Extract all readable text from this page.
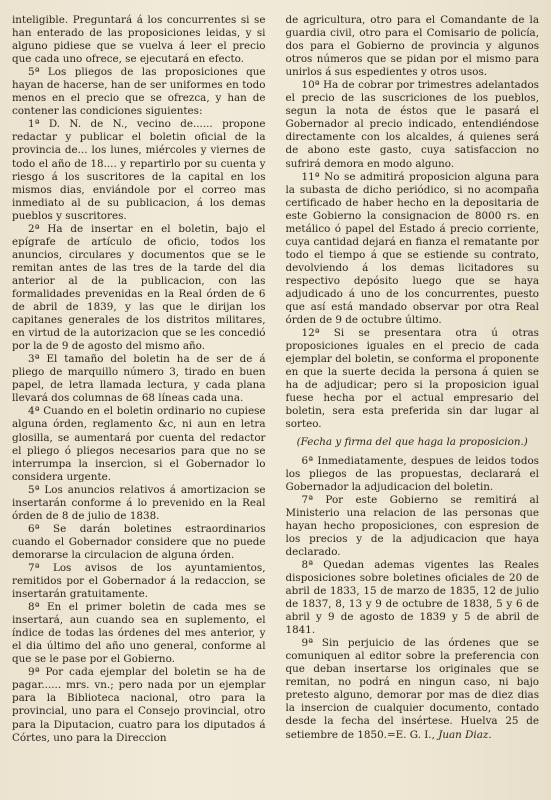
inteligible. Preguntará á los concurrentes si se han enterado de las proposiciones leidas, y si alguno pidiese que se vuelva á leer el precio que cada uno ofrece, se ejecutará en efecto.

5ª Los pliegos de las proposiciones que hayan de hacerse, han de ser uniformes en todo menos en el precio que se ofrezca, y han de contener las condiciones siguientes:

1ª D. N. de N., vecino de...... propone redactar y publicar el boletin oficial de la provincia de... los lunes, miércoles y viernes de todo el año de 18.... y repartirlo por su cuenta y riesgo á los suscritores de la capital en los mismos dias, enviándole por el correo mas inmediato al de su publicacion, á los demas pueblos y suscritores.

2ª Ha de insertar en el boletin, bajo el epígrafe de artículo de oficio, todos los anuncios, circulares y documentos que se le remitan antes de las tres de la tarde del dia anterior al de la publicacion, con las formalidades prevenidas en la Real órden de 6 de abril de 1839, y las que le dirijan los capitanes generales de los distritos militares, en virtud de la autorizacion que se les concedió por la de 9 de agosto del mismo año.

3ª El tamaño del boletin ha de ser de á pliego de marquillo número 3, tirado en buen papel, de letra llamada lectura, y cada plana llevará dos columnas de 68 líneas cada una.

4ª Cuando en el boletin ordinario no cupiese alguna órden, reglamento &c, ni aun en letra glosilla, se aumentará por cuenta del redactor el pliego ó pliegos necesarios para que no se interrumpa la insercion, si el Gobernador lo considera urgente.

5ª Los anuncios relativos á amortizacion se insertarán conforme á lo prevenido en la Real órden de 8 de julio de 1838.

6ª Se darán boletines estraordinarios cuando el Gobernador considere que no puede demorarse la circulacion de alguna órden.

7ª Los avisos de los ayuntamientos, remitidos por el Gobernador á la redaccion, se insertarán gratuitamente.

8ª En el primer boletin de cada mes se insertará, aun cuando sea en suplemento, el índice de todas las órdenes del mes anterior, y el dia último del año uno general, conforme al que se le pase por el Gobierno.

9ª Por cada ejemplar del boletin se ha de pagar...... mrs. vn.; pero nada por un ejemplar para la Biblioteca nacional, otro para la provincial, uno para el Consejo provincial, otro para la Diputacion, cuatro para los diputados á Córtes, uno para la Direccion

de agricultura, otro para el Comandante de la guardia civil, otro para el Comisario de policía, dos para el Gobierno de provincia y algunos otros números que se pidan por el mismo para unirlos á sus espedientes y otros usos.

10ª Ha de cobrar por trimestres adelantados el precio de las suscriciones de los pueblos, segun la nota de éstos que le pasará el Gobernador al precio indicado, entendiéndose directamente con los alcaldes, á quienes será de abono este gasto, cuya satisfaccion no sufrirá demora en modo alguno.

11ª No se admitirá proposicion alguna para la subasta de dicho periódico, si no acompaña certificado de haber hecho en la depositaria de este Gobierno la consignacion de 8000 rs. en metálico ó papel del Estado á precio corriente, cuya cantidad dejará en fianza el rematante por todo el tiempo á que se estiende su contrato, devolviendo á los demas licitadores su respectivo depósito luego que se haya adjudicado á uno de los concurrentes, puesto que así está mandado observar por otra Real órden de 9 de octubre último.

12ª Si se presentara otra ú otras proposiciones iguales en el precio de cada ejemplar del boletin, se conforma el proponente en que la suerte decida la persona á quien se ha de adjudicar; pero si la proposicion igual fuese hecha por el actual empresario del boletin, sera esta preferida sin dar lugar al sorteo.

(Fecha y firma del que haga la proposicion.)

6ª Inmediatamente, despues de leidos todos los pliegos de las propuestas, declarará el Gobernador la adjudicacion del boletin.

7ª Por este Gobierno se remitirá al Ministerio una relacion de las personas que hayan hecho proposiciones, con espresion de los precios y de la adjudicacion que haya declarado.

8ª Quedan ademas vigentes las Reales disposiciones sobre boletines oficiales de 20 de abril de 1833, 15 de marzo de 1835, 12 de julio de 1837, 8, 13 y 9 de octubre de 1838, 5 y 6 de abril y 9 de agosto de 1839 y 5 de abril de 1841.

9ª Sin perjuicio de las órdenes que se comuniquen al editor sobre la preferencia con que deban insertarse los originales que se remitan, no podrá en ningun caso, ni bajo pretesto alguno, demorar por mas de diez dias la insercion de cualquier documento, contado desde la fecha del insértese. Huelva 25 de setiembre de 1850.=E. G. I., Juan Diaz.
